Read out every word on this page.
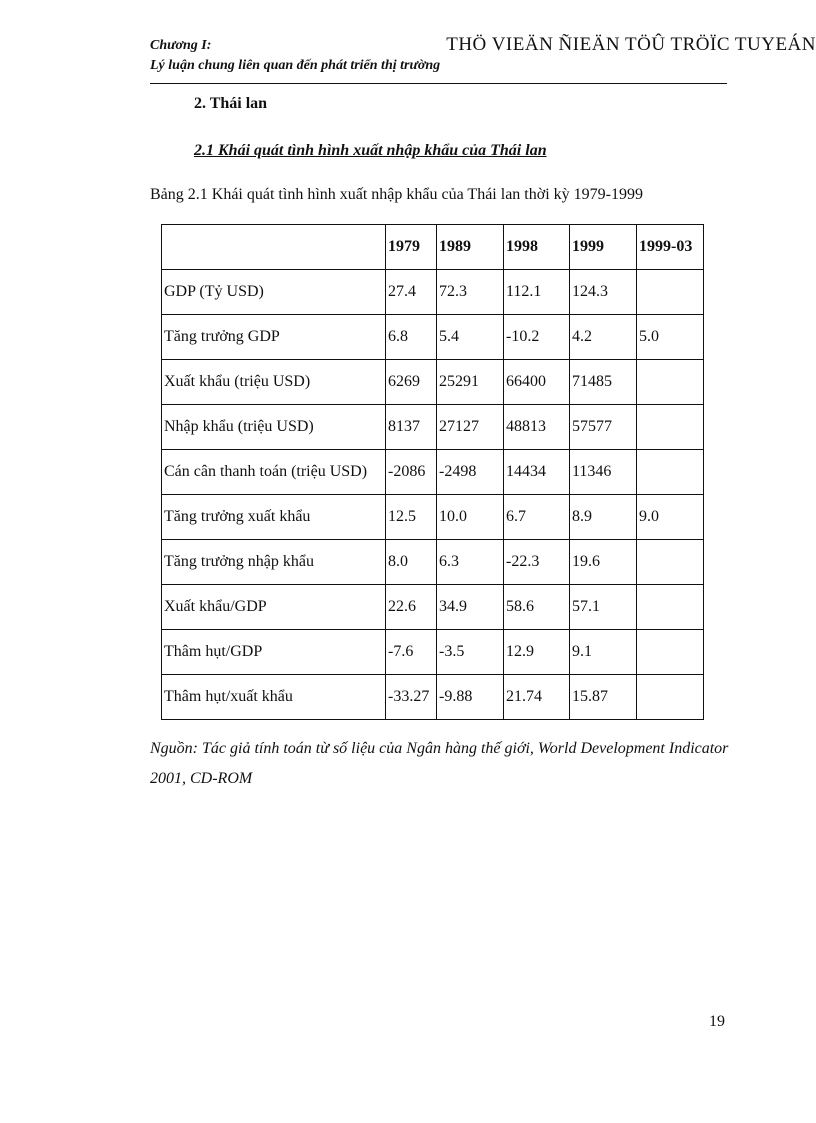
Chương I:
Lý luận chung liên quan đến phát triển thị trường
THÖ VIEÄN ÑIEÄN TÖÛ TRÖÏC TUYEÁN
2. Thái lan
2.1 Khái quát tình hình xuất nhập khẩu của Thái lan
Bảng 2.1 Khái quát tình hình xuất nhập khẩu của Thái lan thời kỳ 1979-1999
	1979	1989	1998	1999	1999-03
GDP (Tỷ USD)	27.4	72.3	112.1	124.3	
Tăng trưởng GDP	6.8	5.4	-10.2	4.2	5.0
Xuất khẩu (triệu USD)	6269	25291	66400	71485	
Nhập khẩu (triệu USD)	8137	27127	48813	57577	
Cán cân thanh toán (triệu USD)	-2086	-2498	14434	11346	
Tăng trưởng xuất khẩu	12.5	10.0	6.7	8.9	9.0
Tăng trưởng nhập khẩu	8.0	6.3	-22.3	19.6	
Xuất khẩu/GDP	22.6	34.9	58.6	57.1	
Thâm hụt/GDP	-7.6	-3.5	12.9	9.1	
Thâm hụt/xuất khẩu	-33.27	-9.88	21.74	15.87	
Nguồn: Tác giả tính toán từ số liệu của Ngân hàng thế giới, World Development Indicator 2001, CD-ROM
19
